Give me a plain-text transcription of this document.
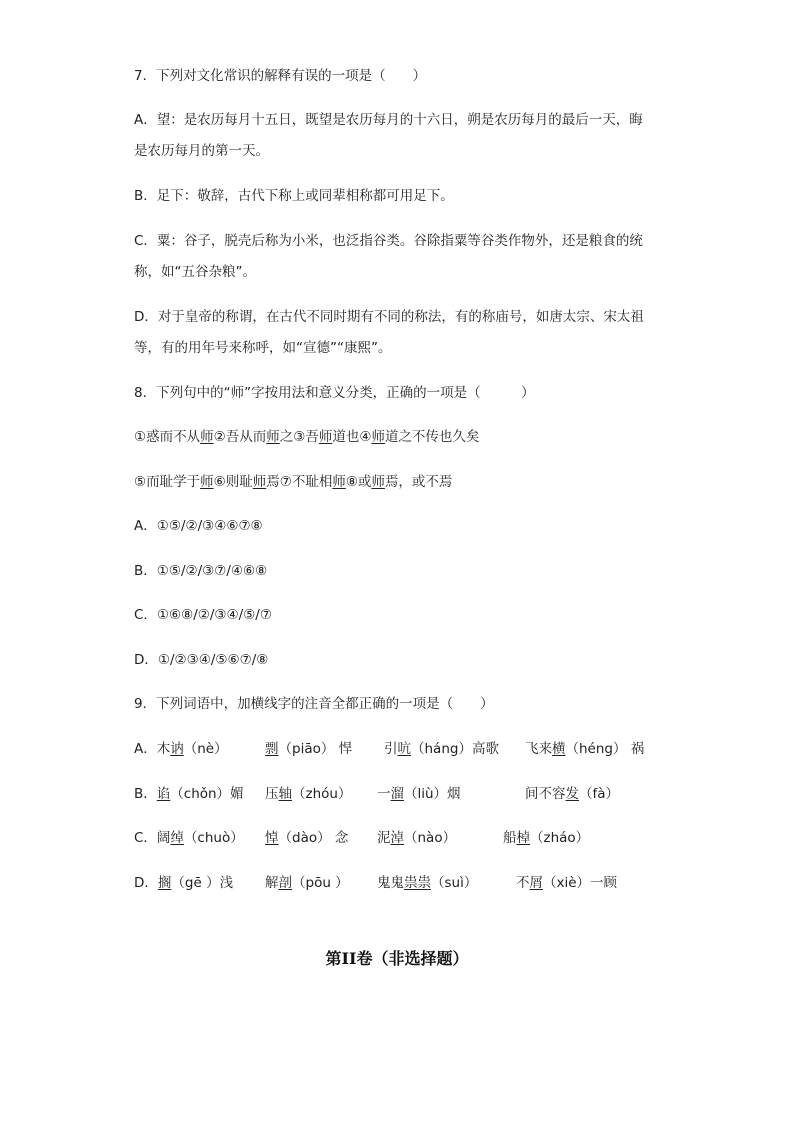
7．下列对文化常识的解释有误的一项是（　　）
A．望：是农历每月十五日，既望是农历每月的十六日，朔是农历每月的最后一天，晦
是农历每月的第一天。
B．足下：敬辞，古代下称上或同辈相称都可用足下。
C．粟：谷子，脱壳后称为小米，也泛指谷类。谷除指粟等谷类作物外，还是粮食的统
称，如“五谷杂粮”。
D．对于皇帝的称谓，在古代不同时期有不同的称法，有的称庙号，如唐太宗、宋太祖
等，有的用年号来称呼，如“宣德”“康熙”。
8．下列句中的“师”字按用法和意义分类，正确的一项是（　　　）
①惑而不从师②吾从而师之③吾师道也④师道之不传也久矣
⑤而耻学于师⑥则耻师焉⑦不耻相师⑧或师焉，或不焉
A．①⑤/②/③④⑥⑦⑧
B．①⑤/②/③⑦/④⑥⑧
C．①⑥⑧/②/③④/⑤/⑦
D．①/②③④/⑤⑥⑦/⑧
9．下列词语中，加横线字的注音全都正确的一项是（　　）
A．木讷（nè）	剽（piāo） 悍 引吭（háng）高歌 飞来横（héng） 祸
B．谄（chǒn）媚 压轴（zhóu） 一溜（liù）烟	间不容发（fà）
C．阔绰（chuò） 悼（dào） 念 泥淖（nào）	船棹（zháo）
D．搁（gē ）浅 解剖（pōu ） 鬼鬼祟祟（suì）	不屑（xiè）一顾
第II卷（非选择题）
